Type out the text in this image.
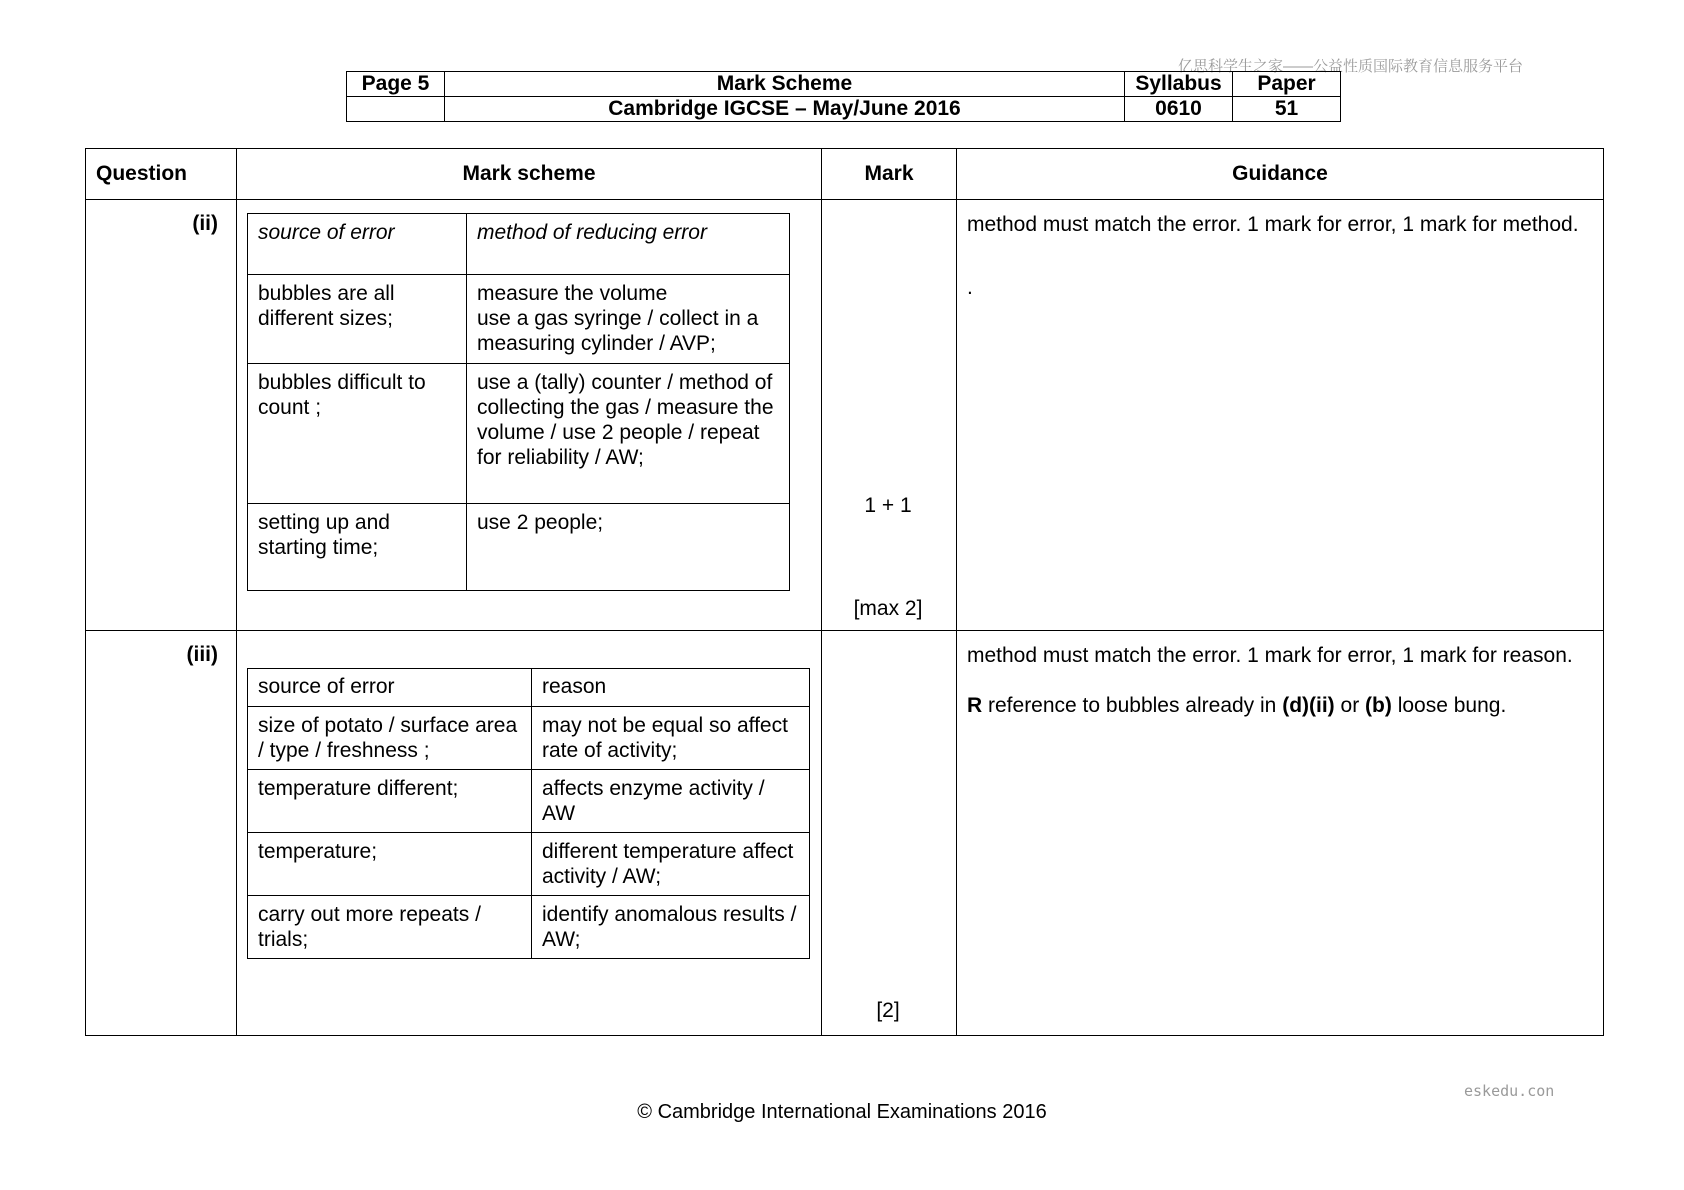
亿思科学生之家——公益性质国际教育信息服务平台
Page 5	Mark Scheme	Syllabus	Paper
	Cambridge IGCSE – May/June 2016	0610	51
Question	Mark scheme	Mark	Guidance
(ii)	source of error	method of reducing error
bubbles are all different sizes;	measure the volume
use a gas syringe / collect in a measuring cylinder / AVP;
bubbles difficult to count ;	use a (tally) counter / method of collecting the gas / measure the volume / use 2 people / repeat for reliability / AW;
setting up and starting time;	use 2 people;

1 + 1
[max 2]

method must match the error. 1 mark for error, 1 mark for method.
.

(iii)	
source of error	reason
size of potato / surface area / type / freshness ;	may not be equal so affect rate of activity;
temperature different;	affects enzyme activity / AW
temperature;	different temperature affect activity / AW;
carry out more repeats / trials;	identify anomalous results / AW;

[2]

method must match the error. 1 mark for error, 1 mark for reason.
R reference to bubbles already in (d)(ii) or (b) loose bung.
eskedu.con
© Cambridge International Examinations 2016
